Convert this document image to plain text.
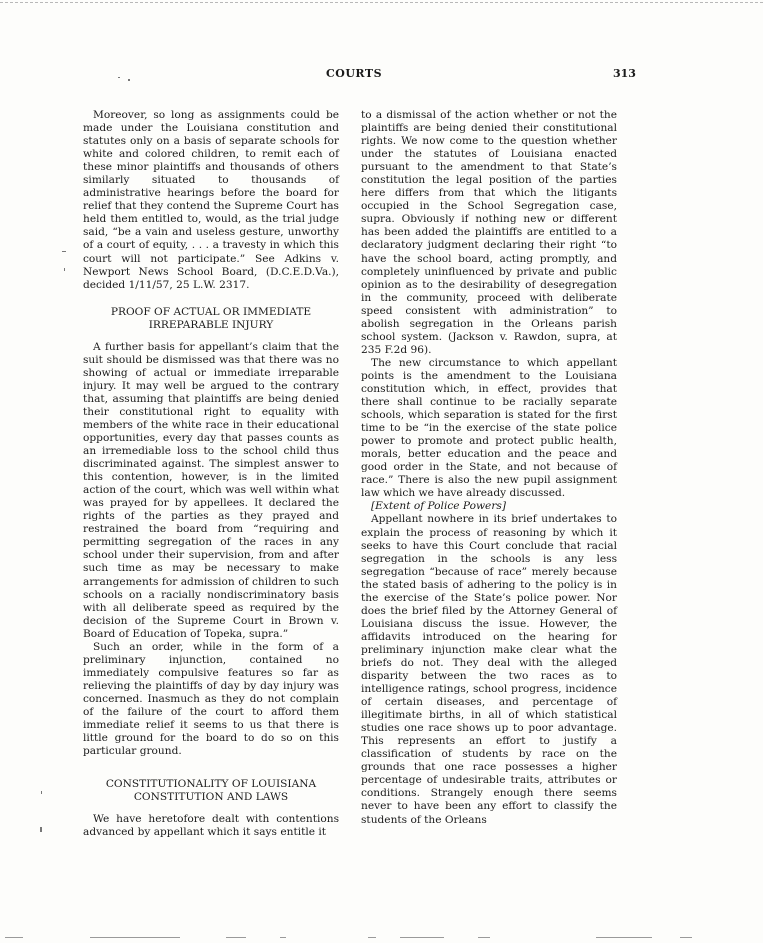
COURTS	313

Moreover, so long as assignments could be made under the Louisiana constitution and statutes only on a basis of separate schools for white and colored children, to remit each of these minor plaintiffs and thousands of others similarly situated to thousands of administrative hearings before the board for relief that they contend the Supreme Court has held them entitled to, would, as the trial judge said, “be a vain and useless gesture, unworthy of a court of equity, . . . a travesty in which this court will not participate.” See Adkins v. Newport News School Board, (D.C.E.D.Va.), decided 1/11/57, 25 L.W. 2317.

PROOF OF ACTUAL OR IMMEDIATE
IRREPARABLE INJURY

A further basis for appellant’s claim that the suit should be dismissed was that there was no showing of actual or immediate irreparable injury. It may well be argued to the contrary that, assuming that plaintiffs are being denied their constitutional right to equality with members of the white race in their educational opportunities, every day that passes counts as an irremediable loss to the school child thus discriminated against. The simplest answer to this contention, however, is in the limited action of the court, which was well within what was prayed for by appellees. It declared the rights of the parties as they prayed and restrained the board from “requiring and permitting segregation of the races in any school under their supervision, from and after such time as may be necessary to make arrangements for admission of children to such schools on a racially nondiscriminatory basis with all deliberate speed as required by the decision of the Supreme Court in Brown v. Board of Education of Topeka, supra.”

Such an order, while in the form of a preliminary injunction, contained no immediately compulsive features so far as relieving the plaintiffs of day by day injury was concerned. Inasmuch as they do not complain of the failure of the court to afford them immediate relief it seems to us that there is little ground for the board to do so on this particular ground.

CONSTITUTIONALITY OF LOUISIANA
CONSTITUTION AND LAWS

We have heretofore dealt with contentions advanced by appellant which it says entitle it

to a dismissal of the action whether or not the plaintiffs are being denied their constitutional rights. We now come to the question whether under the statutes of Louisiana enacted pursuant to the amendment to that State’s constitution the legal position of the parties here differs from that which the litigants occupied in the School Segregation case, supra. Obviously if nothing new or different has been added the plaintiffs are entitled to a declaratory judgment declaring their right “to have the school board, acting promptly, and completely uninfluenced by private and public opinion as to the desirability of desegregation in the community, proceed with deliberate speed consistent with administration” to abolish segregation in the Orleans parish school system. (Jackson v. Rawdon, supra, at 235 F.2d 96).

The new circumstance to which appellant points is the amendment to the Louisiana constitution which, in effect, provides that there shall continue to be racially separate schools, which separation is stated for the first time to be “in the exercise of the state police power to promote and protect public health, morals, better education and the peace and good order in the State, and not because of race.” There is also the new pupil assignment law which we have already discussed.

[Extent of Police Powers]

Appellant nowhere in its brief undertakes to explain the process of reasoning by which it seeks to have this Court conclude that racial segregation in the schools is any less segregation “because of race” merely because the stated basis of adhering to the policy is in the exercise of the State’s police power. Nor does the brief filed by the Attorney General of Louisiana discuss the issue. However, the affidavits introduced on the hearing for preliminary injunction make clear what the briefs do not. They deal with the alleged disparity between the two races as to intelligence ratings, school progress, incidence of certain diseases, and percentage of illegitimate births, in all of which statistical studies one race shows up to poor advantage. This represents an effort to justify a classification of students by race on the grounds that one race possesses a higher percentage of undesirable traits, attributes or conditions. Strangely enough there seems never to have been any effort to classify the students of the Orleans
